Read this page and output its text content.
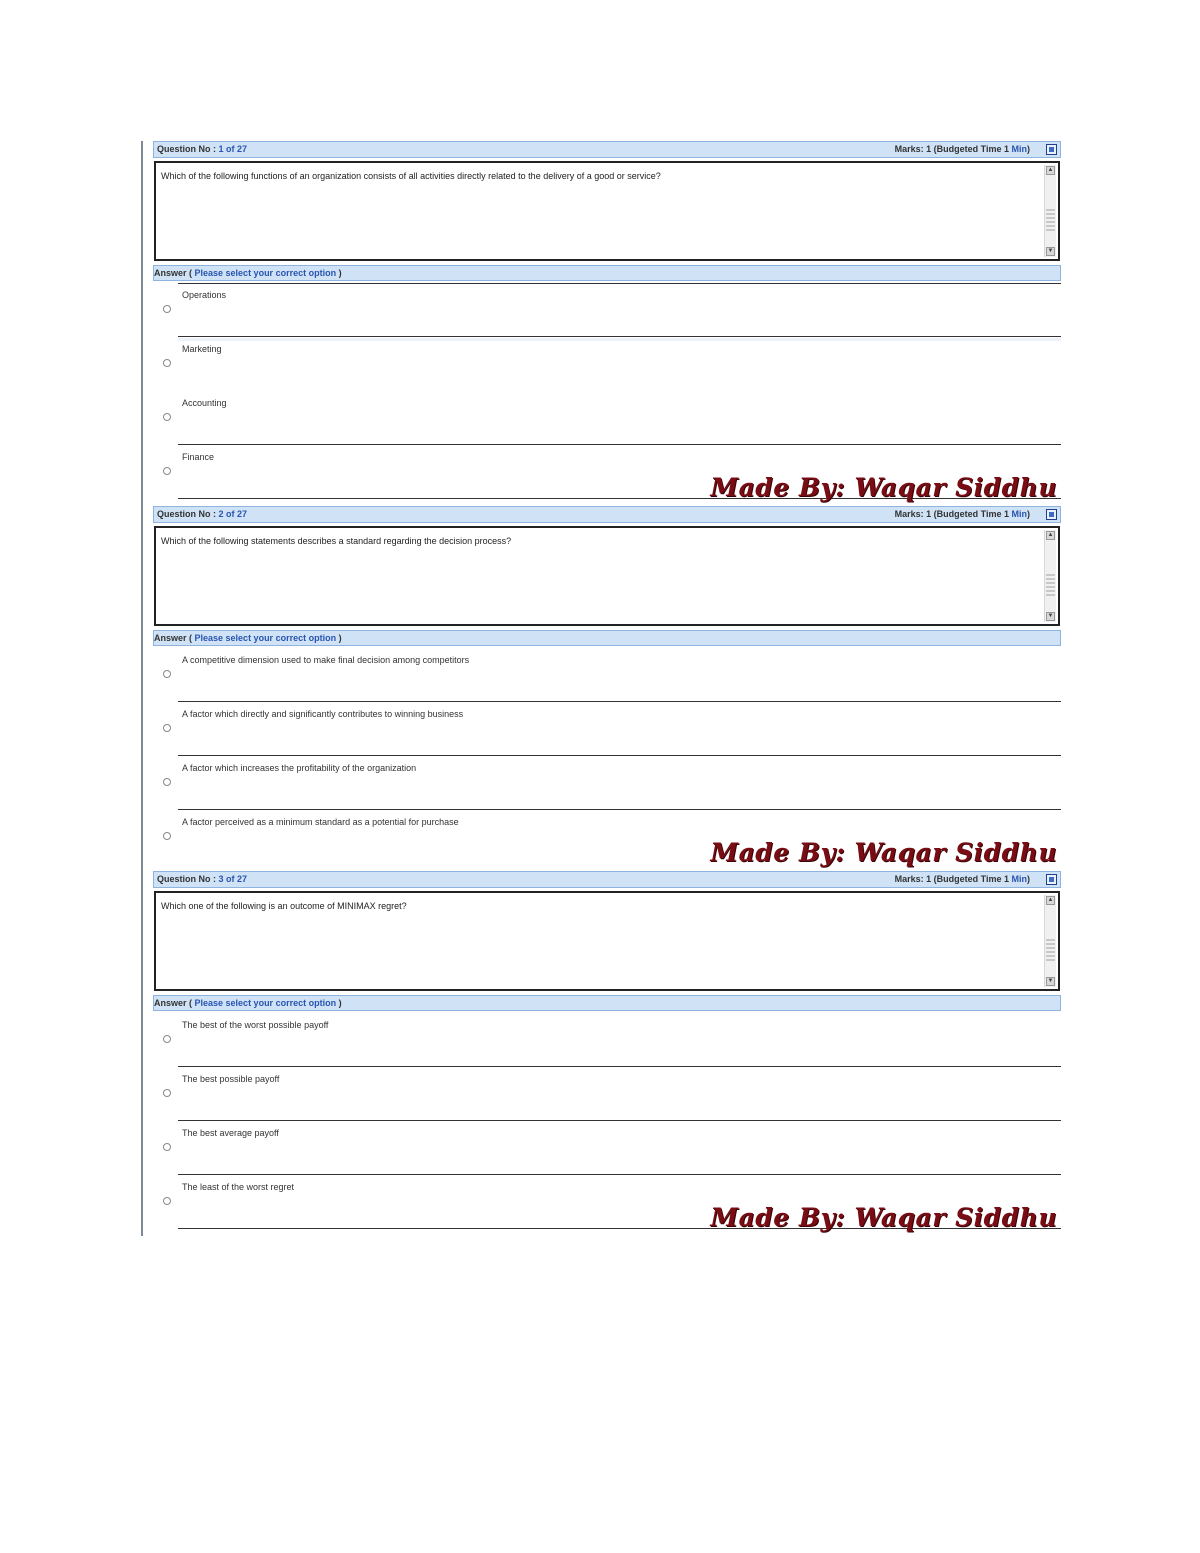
Question No : 1 of 27	Marks: 1 (Budgeted Time 1 Min)
Which of the following functions of an organization consists of all activities directly related to the delivery of a good or service?
▲
▼
Answer ( Please select your correct option )
Operations
Marketing
Accounting
Finance
Made By: Waqar Siddhu
Question No : 2 of 27	Marks: 1 (Budgeted Time 1 Min)
Which of the following statements describes a standard regarding the decision process?
▲
▼
Answer ( Please select your correct option )
A competitive dimension used to make final decision among competitors
A factor which directly and significantly contributes to winning business
A factor which increases the profitability of the organization
A factor perceived as a minimum standard as a potential for purchase
Made By: Waqar Siddhu
Question No : 3 of 27	Marks: 1 (Budgeted Time 1 Min)
Which one of the following is an outcome of MINIMAX regret?
▲
▼
Answer ( Please select your correct option )
The best of the worst possible payoff
The best possible payoff
The best average payoff
The least of the worst regret
Made By: Waqar Siddhu
